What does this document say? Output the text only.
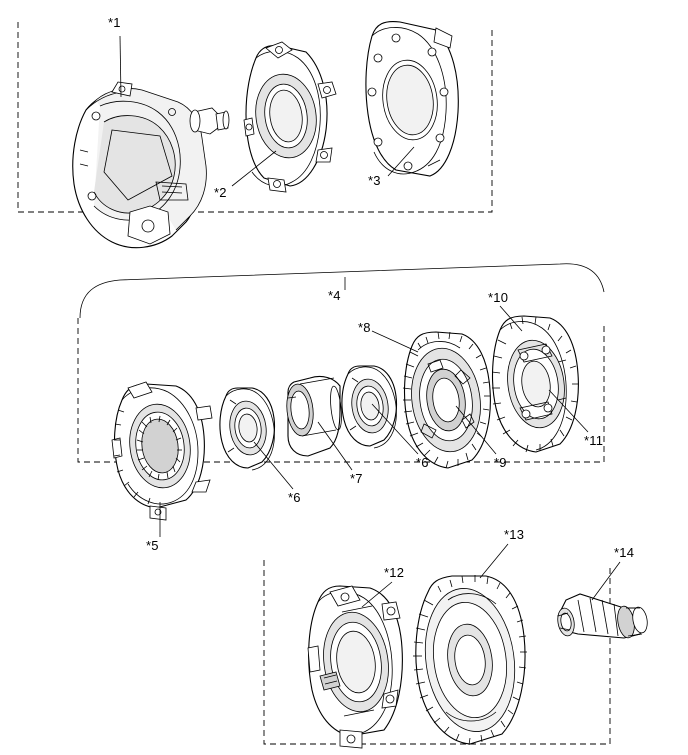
*1
*2
*3
*4
*5
*6
*7
*6
*8
*9
*10
*11
*12
*13
*14
